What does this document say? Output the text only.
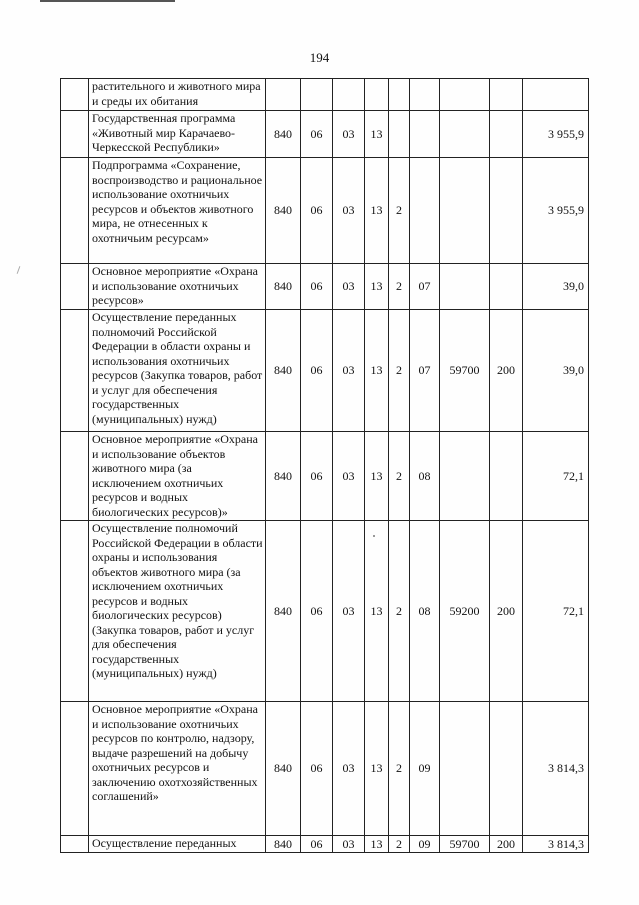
194
	растительного и животного мира и среды их обитания									
	Государственная программа «Животный мир Карачаево-Черкесской Республики»	840	06	03	13					3 955,9
	Подпрограмма «Сохранение, воспроизводство и рациональное использование охотничьих ресурсов и объектов животного мира, не отнесенных к охотничьим ресурсам»	840	06	03	13	2				3 955,9
	Основное мероприятие «Охрана и использование охотничьих ресурсов»	840	06	03	13	2	07			39,0
	Осуществление переданных полномочий Российской Федерации в области охраны и использования охотничьих ресурсов (Закупка товаров, работ и услуг для обеспечения государственных (муниципальных) нужд)	840	06	03	13	2	07	59700	200	39,0
	Основное мероприятие «Охрана и использование объектов животного мира (за исключением охотничьих ресурсов и водных биологических ресурсов)»	840	06	03	13	2	08			72,1
	Осуществление полномочий Российской Федерации в области охраны и использования объектов животного мира (за исключением охотничьих ресурсов и водных биологических ресурсов) (Закупка товаров, работ и услуг для обеспечения государственных (муниципальных) нужд)	840	06	03	13	2	08	59200	200	72,1
	Основное мероприятие «Охрана и использование охотничьих ресурсов по контролю, надзору, выдаче разрешений на добычу охотничьих ресурсов и заключению охотхозяйственных соглашений»	840	06	03	13	2	09			3 814,3
	Осуществление переданных	840	06	03	13	2	09	59700	200	3 814,3
